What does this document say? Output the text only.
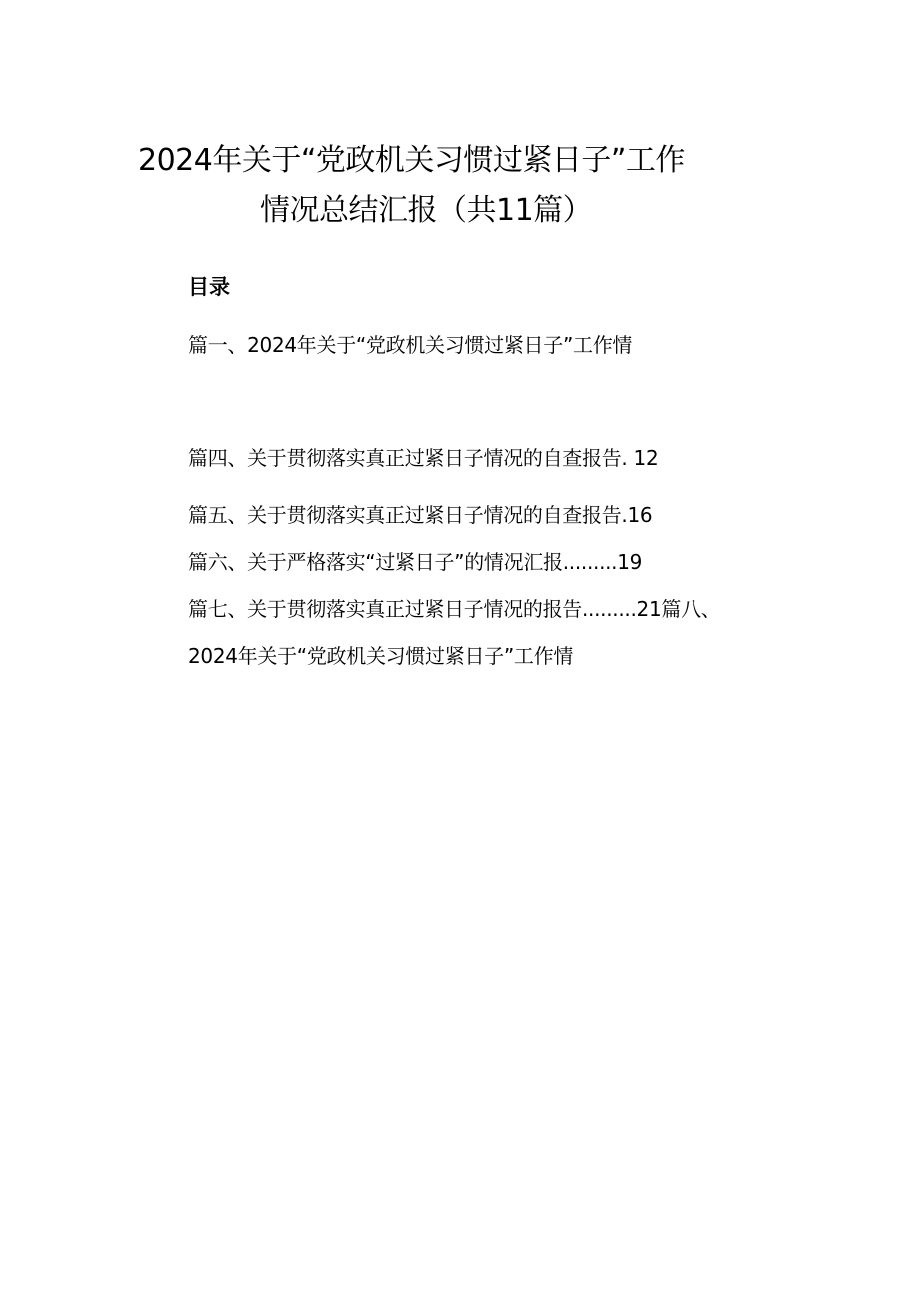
2024年关于“党政机关习惯过紧日子”工作
情况总结汇报（共11篇）
目录
篇一、2024年关于“党政机关习惯过紧日子”工作情
篇四、关于贯彻落实真正过紧日子情况的自查报告. 12
篇五、关于贯彻落实真正过紧日子情况的自查报告.16
篇六、关于严格落实“过紧日子”的情况汇报.........19
篇七、关于贯彻落实真正过紧日子情况的报告.........21篇八、
2024年关于“党政机关习惯过紧日子”工作情
